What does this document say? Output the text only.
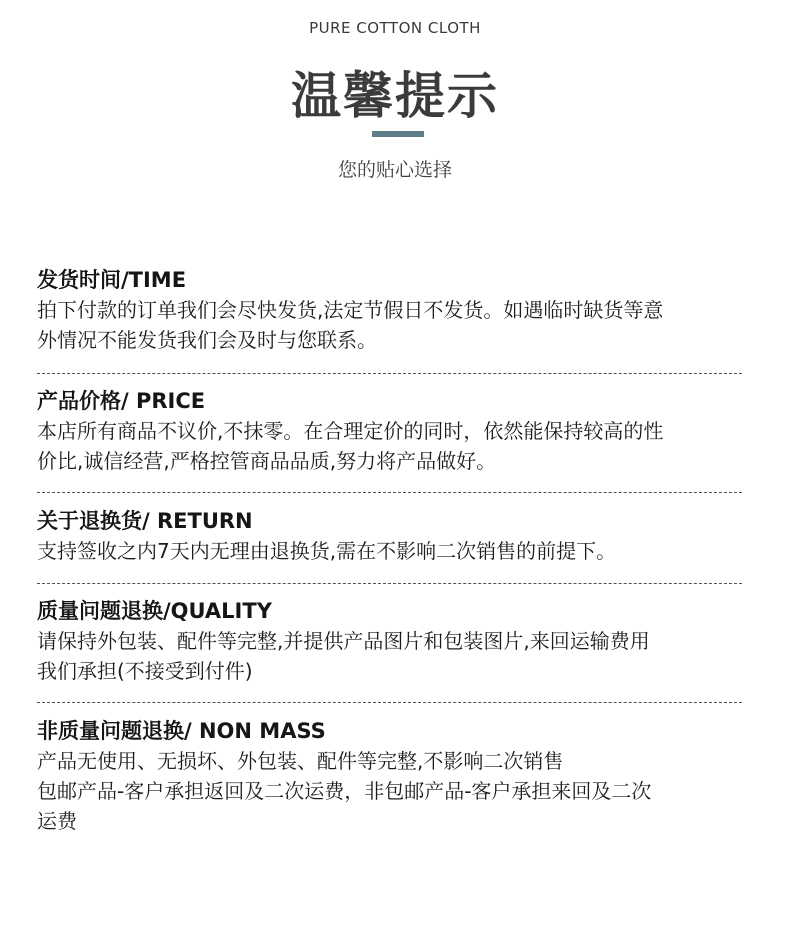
PURE COTTON CLOTH
温馨提示
您的贴心选择
发货时间/TIME
拍下付款的订单我们会尽快发货,法定节假日不发货。如遇临时缺货等意
外情况不能发货我们会及时与您联系。
产品价格/ PRICE
本店所有商品不议价,不抹零。在合理定价的同时，依然能保持较高的性
价比,诚信经营,严格控管商品品质,努力将产品做好。
关于退换货/ RETURN
支持签收之内7天内无理由退换货,需在不影响二次销售的前提下。
质量问题退换/QUALITY
请保持外包装、配件等完整,并提供产品图片和包装图片,来回运输费用
我们承担(不接受到付件)
非质量问题退换/ NON MASS
产品无使用、无损坏、外包装、配件等完整,不影响二次销售
包邮产品-客户承担返回及二次运费，非包邮产品-客户承担来回及二次
运费
